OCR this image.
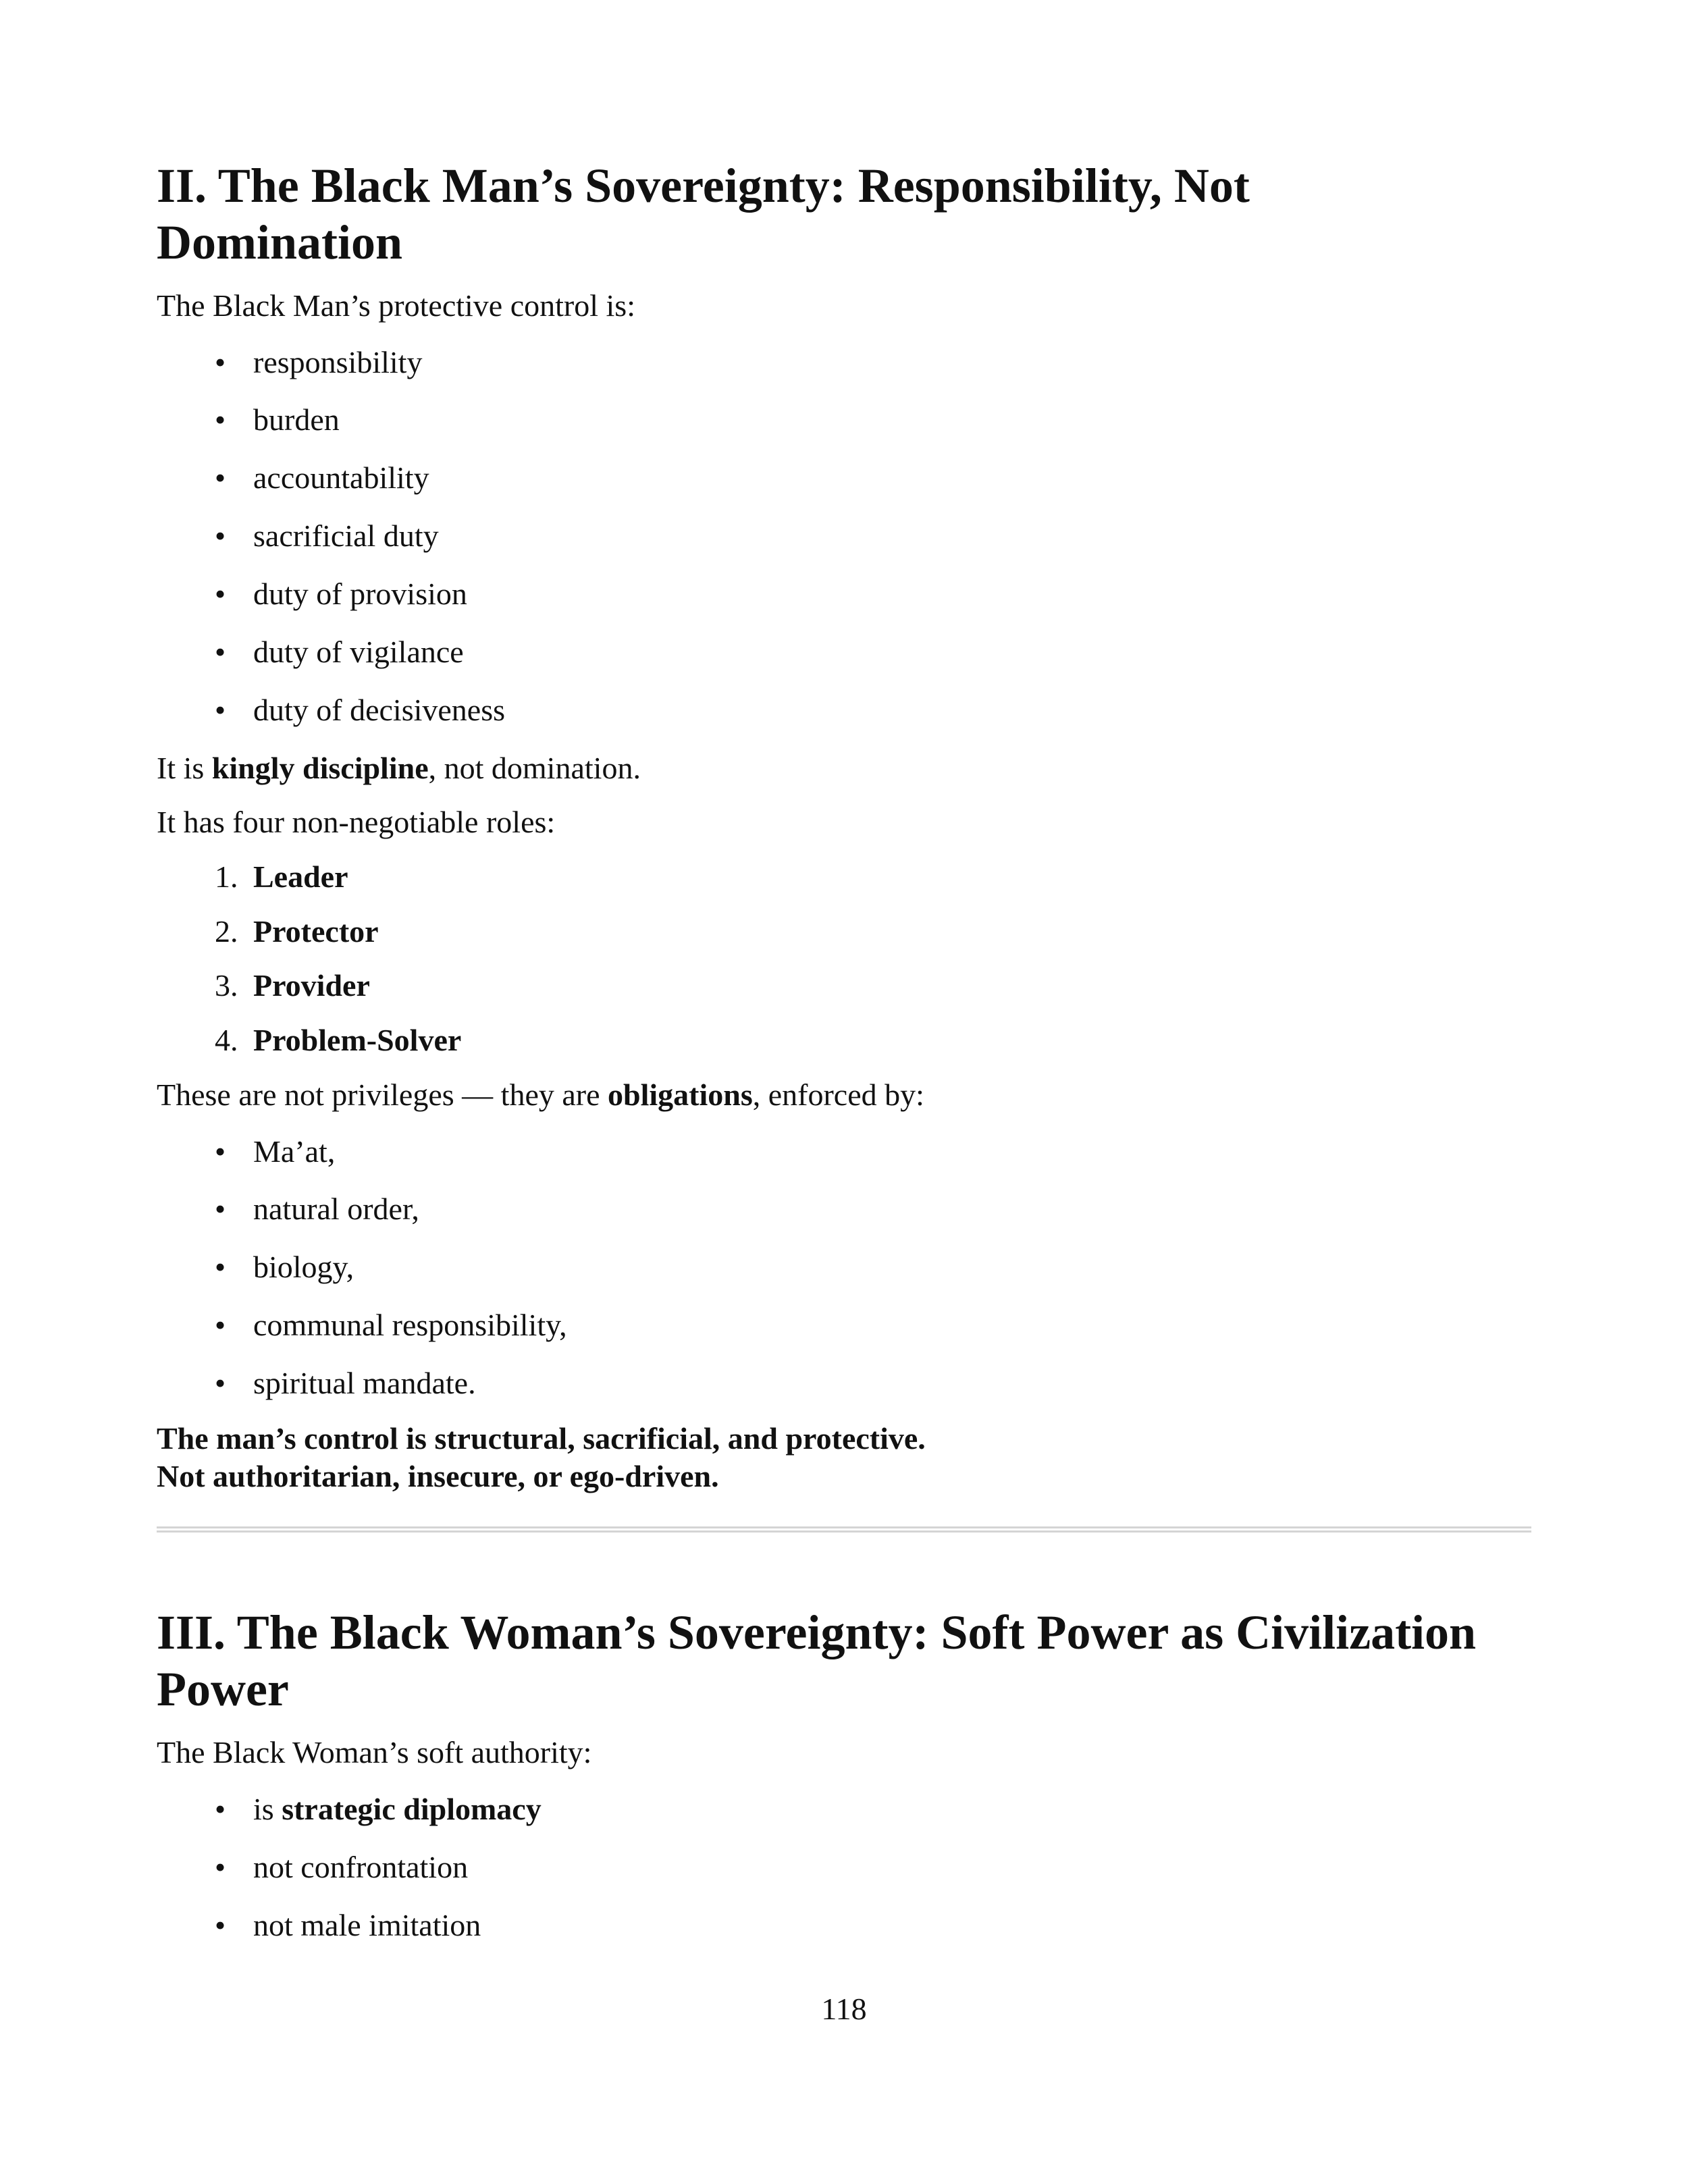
II. The Black Man’s Sovereignty: Responsibility, Not
Domination

The Black Man’s protective control is:

• responsibility
• burden
• accountability
• sacrificial duty
• duty of provision
• duty of vigilance
• duty of decisiveness

It is kingly discipline, not domination.

It has four non-negotiable roles:

1. Leader
2. Protector
3. Provider
4. Problem-Solver

These are not privileges — they are obligations, enforced by:

• Ma’at,
• natural order,
• biology,
• communal responsibility,
• spiritual mandate.
The man’s control is structural, sacrificial, and protective.
Not authoritarian, insecure, or ego-driven.
III. The Black Woman’s Sovereignty: Soft Power as Civilization
Power

The Black Woman’s soft authority:

• is strategic diplomacy
• not confrontation
• not male imitation
118
